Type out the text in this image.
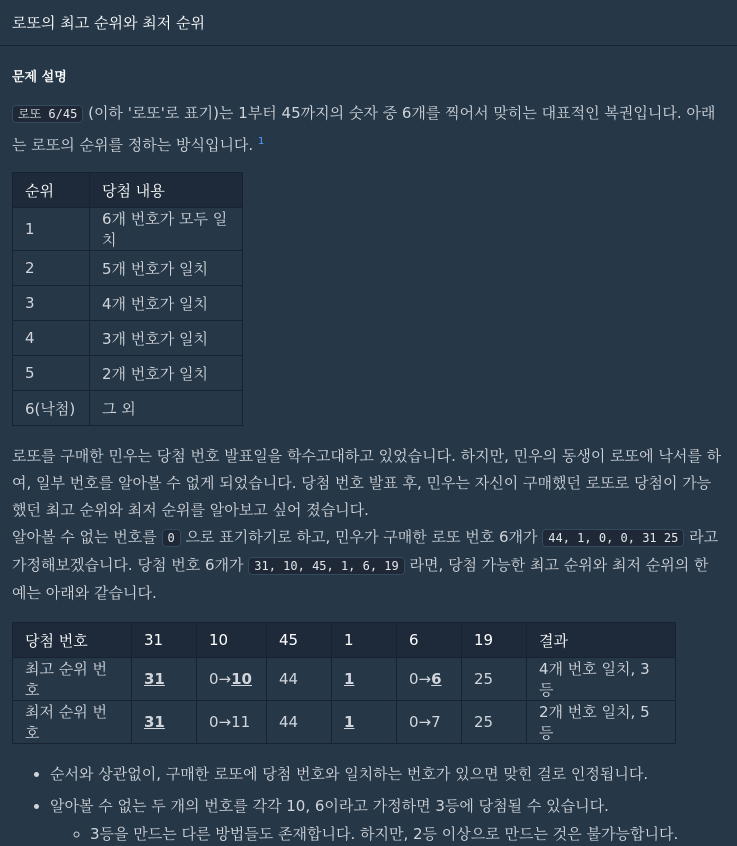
로또의 최고 순위와 최저 순위
문제 설명

로또 6/45 (이하 '로또'로 표기)는 1부터 45까지의 숫자 중 6개를 찍어서 맞히는 대표적인 복권입니다. 아래는 로또의 순위를 정하는 방식입니다. $^1$

순위	당첨 내용
1	6개 번호가 모두 일치
2	5개 번호가 일치
3	4개 번호가 일치
4	3개 번호가 일치
5	2개 번호가 일치
6(낙첨)	그 외

로또를 구매한 민우는 당첨 번호 발표일을 학수고대하고 있었습니다. 하지만, 민우의 동생이 로또에 낙서를 하여, 일부 번호를 알아볼 수 없게 되었습니다. 당첨 번호 발표 후, 민우는 자신이 구매했던 로또로 당첨이 가능했던 최고 순위와 최저 순위를 알아보고 싶어 졌습니다.
알아볼 수 없는 번호를 0 으로 표기하기로 하고, 민우가 구매한 로또 번호 6개가 44, 1, 0, 0, 31 25 라고 가정해보겠습니다. 당첨 번호 6개가 31, 10, 45, 1, 6, 19 라면, 당첨 가능한 최고 순위와 최저 순위의 한 예는 아래와 같습니다.

당첨 번호	31	10	45	1	6	19	결과
최고 순위 번호	31	0→10	44	1	0→6	25	4개 번호 일치, 3등
최저 순위 번호	31	0→11	44	1	0→7	25	2개 번호 일치, 5등
• 순서와 상관없이, 구매한 로또에 당첨 번호와 일치하는 번호가 있으면 맞힌 걸로 인정됩니다.
• 알아볼 수 없는 두 개의 번호를 각각 10, 6이라고 가정하면 3등에 당첨될 수 있습니다.
◦ 3등을 만드는 다른 방법들도 존재합니다. 하지만, 2등 이상으로 만드는 것은 불가능합니다.
